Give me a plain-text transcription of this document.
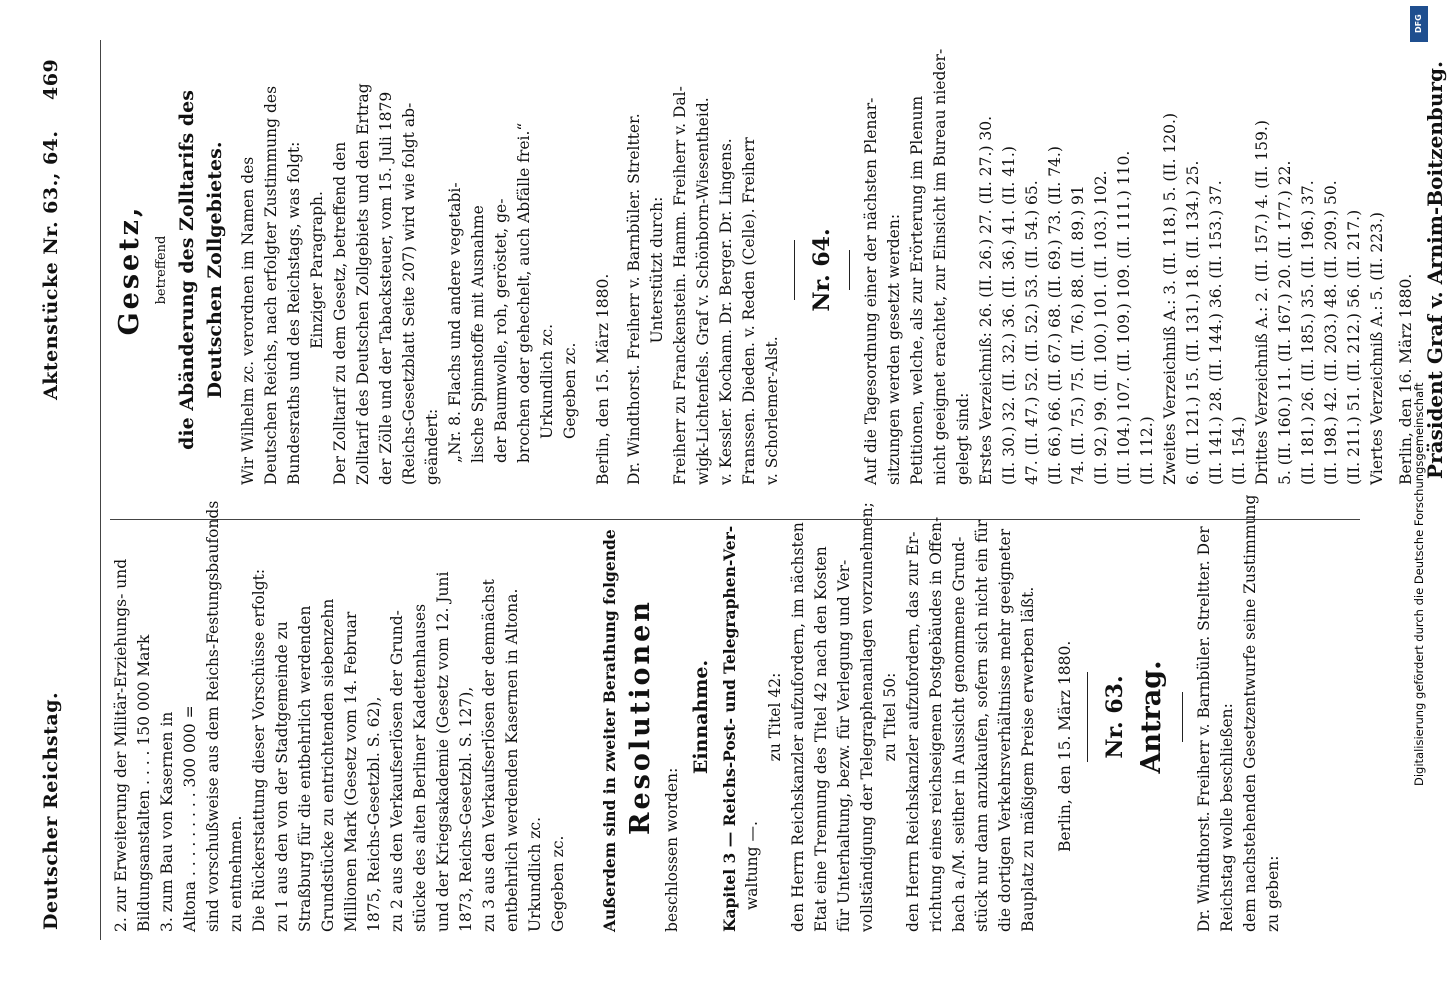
Deutscher Reichstag.
Aktenstücke Nr. 63., 64.
469
2. zur Erweiterung der Militär-Erziehungs- und Bildungsanstalten . . . . 150 000 Mark 3. zum Bau von Kasernen in Altona . . . . . . . . . 300 000 = sind vorschußweise aus dem Reichs-Festungsbaufonds zu entnehmen. Die Rückerstattung dieser Vorschüsse erfolgt: zu 1 aus den von der Stadtgemeinde zu Straßburg für die entbehrlich werdenden Grundstücke zu entrichtenden siebenzehn Millionen Mark (Gesetz vom 14. Februar 1875, Reichs-Gesetzbl. S. 62), zu 2 aus den Verkaufserlösen der Grund- stücke des alten Berliner Kadettenhauses und der Kriegsakademie (Gesetz vom 12. Juni 1873, Reichs-Gesetzbl. S. 127), zu 3 aus den Verkaufserlösen der demnächst entbehrlich werdenden Kasernen in Altona. Urkundlich zc. Gegeben zc. Außerdem sind in zweiter Berathung folgende Resolutionen
beschlossen worden:
Einnahme. Kapitel 3 — Reichs-Post- und Telegraphen-Ver- waltung —.
zu Titel 42: den Herrn Reichskanzler aufzufordern, im nächsten Etat eine Trennung des Titel 42 nach den Kosten für Unterhaltung, bezw. für Verlegung und Ver- vollständigung der Telegraphenanlagen vorzunehmen; zu Titel 50: den Herrn Reichskanzler aufzufordern, das zur Er- richtung eines reichseigenen Postgebäudes in Offen- bach a./M. seither in Aussicht genommene Grund- stück nur dann anzukaufen, sofern sich nicht ein für die dortigen Verkehrsverhältnisse mehr geeigneter Bauplatz zu mäßigem Preise erwerben läßt. Berlin, den 15. März 1880. Nr. 63. Antrag.	Dr. Windthorst. Freiherr v. Barnbüler. Streltter. Der Reichstag wolle beschließen: dem nachstehenden Gesetzentwurfe seine Zustimmung zu geben:
Gesetz, betreffend die Abänderung des Zolltarifs des Deutschen Zollgebietes. Wir Wilhelm zc. verordnen im Namen des Deutschen Reichs, nach erfolgter Zustimmung des Bundesraths und des Reichstags, was folgt: Einziger Paragraph. Der Zolltarif zu dem Gesetz, betreffend den Zolltarif des Deutschen Zollgebiets und den Ertrag der Zölle und der Tabacksteuer, vom 15. Juli 1879 (Reichs-Gesetzblatt Seite 207) wird wie folgt ab- geändert: „Nr. 8. Flachs und andere vegetabi- lische Spinnstoffe mit Ausnahme der Baumwolle, roh, geröstet, ge- brochen oder gehechelt, auch Abfälle frei.“ Urkundlich zc. Gegeben zc. Berlin, den 15. März 1880. Dr. Windthorst. Freiherr v. Barnbüler. Streltter. Unterstützt durch: Freiherr zu Franckenstein. Hamm. Freiherr v. Dal- wigk-Lichtenfels. Graf v. Schönborn-Wiesentheid. v. Kessler. Kochann. Dr. Berger. Dr. Lingens. Franssen. Dieden. v. Reden (Celle). Freiherr v. Schorlemer-Alst.
Nr. 64. Auf die Tagesordnung einer der nächsten Plenar- sitzungen werden gesetzt werden: Petitionen, welche, als zur Erörterung im Plenum nicht geeignet erachtet, zur Einsicht im Bureau nieder- gelegt sind: Erstes Verzeichniß: 26. (II. 26.) 27. (II. 27.) 30. (II. 30.) 32. (II. 32.) 36. (II. 36.) 41. (II. 41.) 47. (II. 47.) 52. (II. 52.) 53. (II. 54.) 65. (II. 66.) 66. (II. 67.) 68. (II. 69.) 73. (II. 74.) 74. (II. 75.) 75. (II. 76.) 88. (II. 89.) 91 (II. 92.) 99. (II. 100.) 101. (II. 103.) 102. (II. 104.) 107. (II. 109.) 109. (II. 111.) 110. (II. 112.) Zweites Verzeichniß A.: 3. (II. 118.) 5. (II. 120.) 6. (II. 121.) 15. (II. 131.) 18. (II. 134.) 25. (II. 141.) 28. (II. 144.) 36. (II. 153.) 37. (II. 154.) Drittes Verzeichniß A.: 2. (II. 157.) 4. (II. 159.) 5. (II. 160.) 11. (II. 167.) 20. (II. 177.) 22. (II. 181.) 26. (II. 185.) 35. (II. 196.) 37. (II. 198.) 42. (II. 203.) 48. (II. 209.) 50. (II. 211.) 51. (II. 212.) 56. (II. 217.) Viertes Verzeichniß A.: 5. (II. 223.) Berlin, den 16. März 1880. Präsident Graf v. Arnim-Boitzenburg.
DFG
Digitalisierung gefördert durch die Deutsche Forschungsgemeinschaft
